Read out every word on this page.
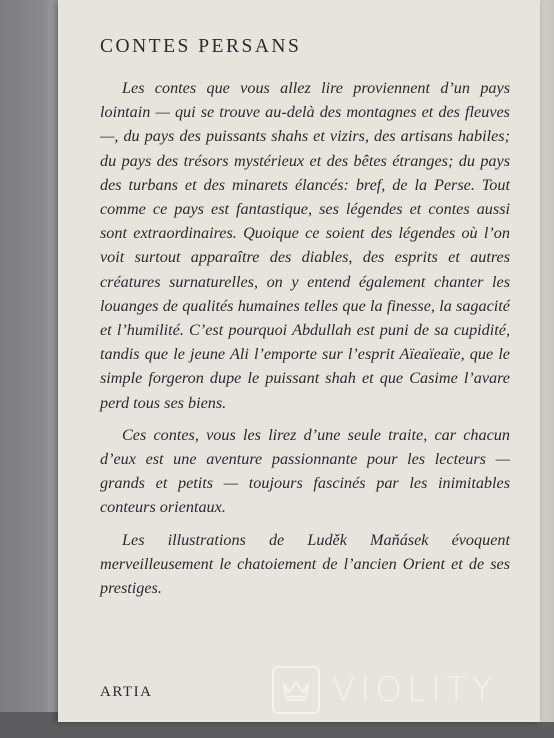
CONTES PERSANS

Les contes que vous allez lire proviennent d’un pays lointain — qui se trouve au-delà des montagnes et des fleuves —, du pays des puissants shahs et vizirs, des artisans habiles; du pays des trésors mystérieux et des bêtes étranges; du pays des turbans et des minarets élancés: bref, de la Perse. Tout comme ce pays est fantastique, ses légendes et contes aussi sont extraordinaires. Quoique ce soient des légendes où l’on voit surtout apparaître des diables, des esprits et autres créatures surnaturelles, on y entend également chanter les louanges de qualités humaines telles que la finesse, la sagacité et l’humilité. C’est pourquoi Abdullah est puni de sa cupidité, tandis que le jeune Ali l’emporte sur l’esprit Aïeaïeaïe, que le simple forgeron dupe le puissant shah et que Casime l’avare perd tous ses biens.

Ces contes, vous les lirez d’une seule traite, car chacun d’eux est une aventure passionnante pour les lecteurs — grands et petits — toujours fascinés par les inimitables conteurs orientaux.

Les illustrations de Luděk Maňásek évoquent merveilleusement le chatoiement de l’ancien Orient et de ses prestiges.

ARTIA	VIOLITY
